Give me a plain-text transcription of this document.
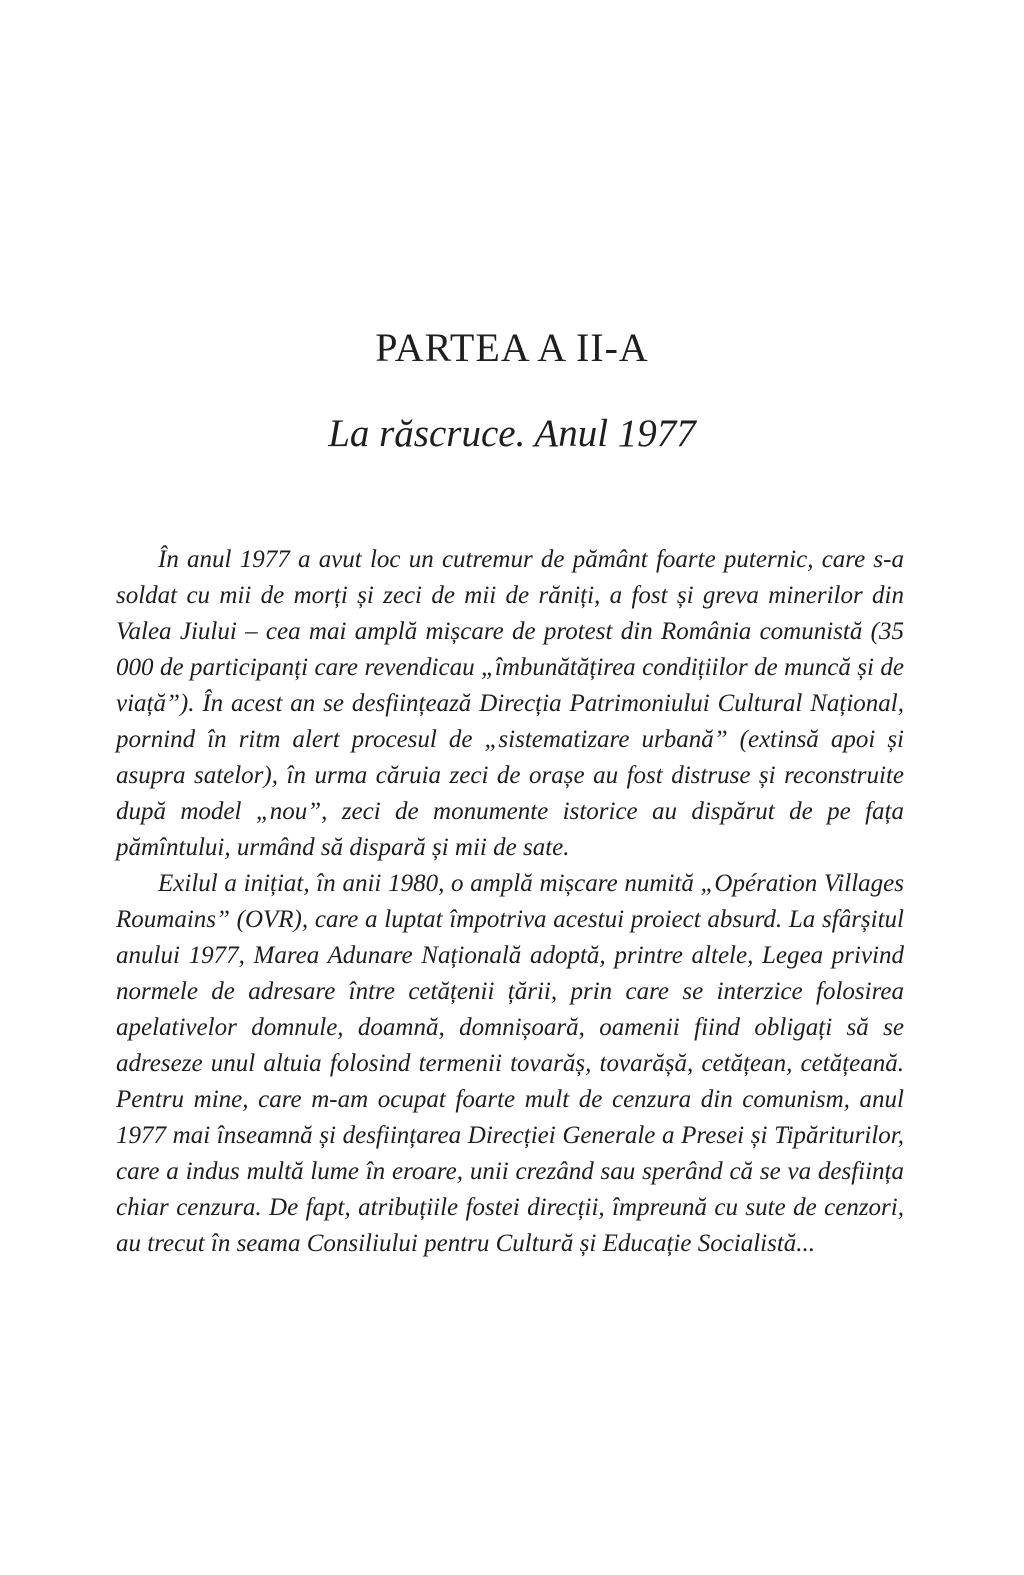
PARTEA A II-A
La răscruce. Anul 1977

În anul 1977 a avut loc un cutremur de pământ foarte puternic, care s-a soldat cu mii de morți și zeci de mii de răniți, a fost și greva minerilor din Valea Jiului – cea mai amplă mișcare de protest din România comunistă (35 000 de participanți care revendicau „îmbunătățirea condițiilor de muncă și de viață”). În acest an se desființează Direcția Patrimoniului Cultural Național, pornind în ritm alert procesul de „sistematizare urbană” (extinsă apoi și asupra satelor), în urma căruia zeci de orașe au fost distruse și reconstruite după model „nou”, zeci de monumente istorice au dispărut de pe fața pămîntului, urmând să dispară și mii de sate.

Exilul a inițiat, în anii 1980, o amplă mișcare numită „Opération Villages Roumains” (OVR), care a luptat împotriva acestui proiect absurd. La sfârșitul anului 1977, Marea Adunare Națională adoptă, printre altele, Legea privind normele de adresare între cetățenii țării, prin care se interzice folosirea apelativelor domnule, doamnă, domnișoară, oamenii fiind obligați să se adreseze unul altuia folosind termenii tovarăș, tovarășă, cetățean, cetățeană. Pentru mine, care m-am ocupat foarte mult de cenzura din comunism, anul 1977 mai înseamnă și desființarea Direcției Generale a Presei și Tipăriturilor, care a indus multă lume în eroare, unii crezând sau sperând că se va desființa chiar cenzura. De fapt, atribuțiile fostei direcții, împreună cu sute de cenzori, au trecut în seama Consiliului pentru Cultură și Educație Socialistă...
